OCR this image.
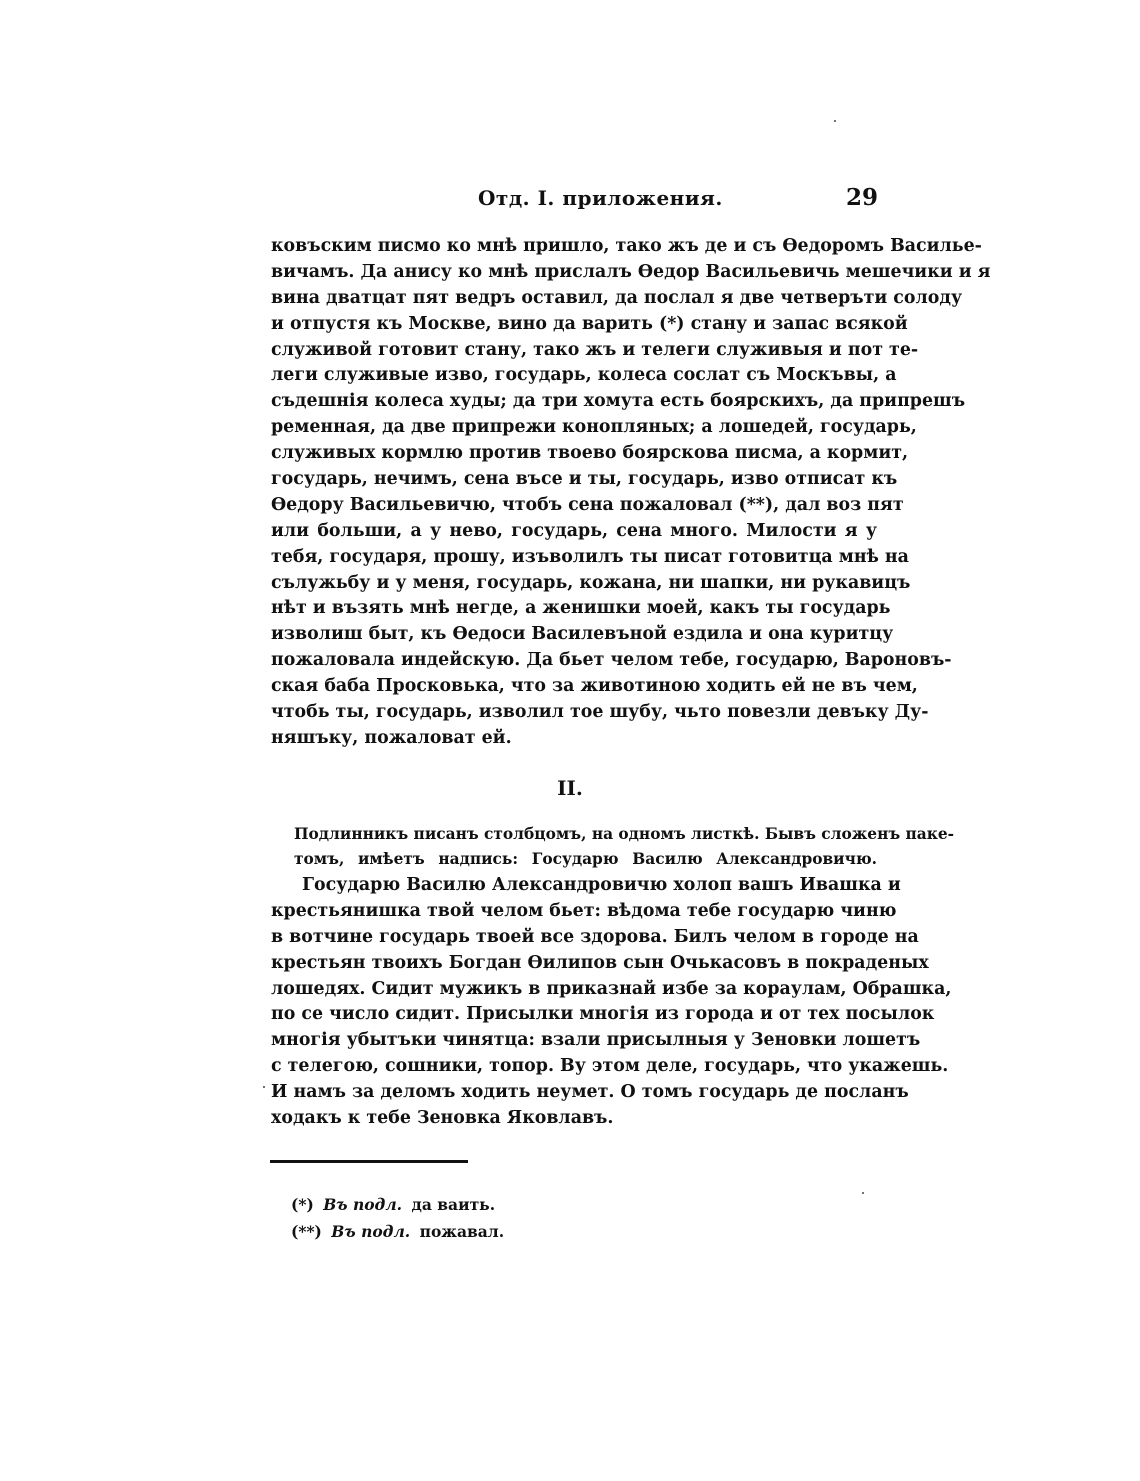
Отд. I. приложения.	29
ковъским писмо ко мнѣ пришло, тако жъ де и съ Ѳедоромъ Василье-
вичамъ. Да анису ко мнѣ прислалъ Ѳедор Васильевичь мешечики и я
вина дватцат пят ведръ оставил, да послал я две четверъти солоду
и отпустя къ Москве, вино да варить (*) стану и запас всякой
служивой готовит стану, тако жъ и телеги служивыя и пот те-
леги служивые изво, государь, колеса сослат съ Москъвы, а
съдешнія колеса худы; да три хомута есть боярскихъ, да припрешъ
ременная, да две припрежи конопляных; а лошедей, государь,
служивых кормлю против твоево боярскова писма, а кормит,
государь, нечимъ, сена въсе и ты, государь, изво отписат къ
Ѳедору Васильевичю, чтобъ сена пожаловал (**), дал воз пят
или больши, а у нево, государь, сена много. Милости я у
тебя, государя, прошу, изъволилъ ты писат готовитца мнѣ на
сълужьбу и у меня, государь, кожана, ни шапки, ни рукавицъ
нѣт и възять мнѣ негде, а женишки моей, какъ ты государь
изволиш быт, къ Ѳедоси Василевъной ездила и она куритцу
пожаловала индейскую. Да бьет челом тебе, государю, Вароновъ-
ская баба Просковька, что за животиною ходить ей не въ чем,
чтобь ты, государь, изволил тое шубу, чьто повезли девъку Ду-
няшъку, пожаловат ей.
II.
Подлинникъ писанъ столбцомъ, на одномъ листкѣ. Бывъ сложенъ паке-
томъ, имѣетъ надпись: Государю Василю Александровичю.
Государю Василю Александровичю холоп вашъ Ивашка и
крестьянишка твой челом бьет: вѣдома тебе государю чиню
в вотчине государь твоей все здорова. Билъ челом в городе на
крестьян твоихъ Богдан Ѳилипов сын Очькасовъ в покраденых
лошедях. Сидит мужикъ в приказнай избе за кораулам, Обрашка,
по се число сидит. Присылки многія из города и от тех посылок
многія убытъки чинятца: взали присылныя у Зеновки лошетъ
с телегою, сошники, топор. Ву этом деле, государь, что укажешь.
И намъ за деломъ ходить неумет. О томъ государь де посланъ
ходакъ к тебе Зеновка Яковлавъ.
(*) Въ подл. да ваить.
(**) Въ подл. пожавал.
